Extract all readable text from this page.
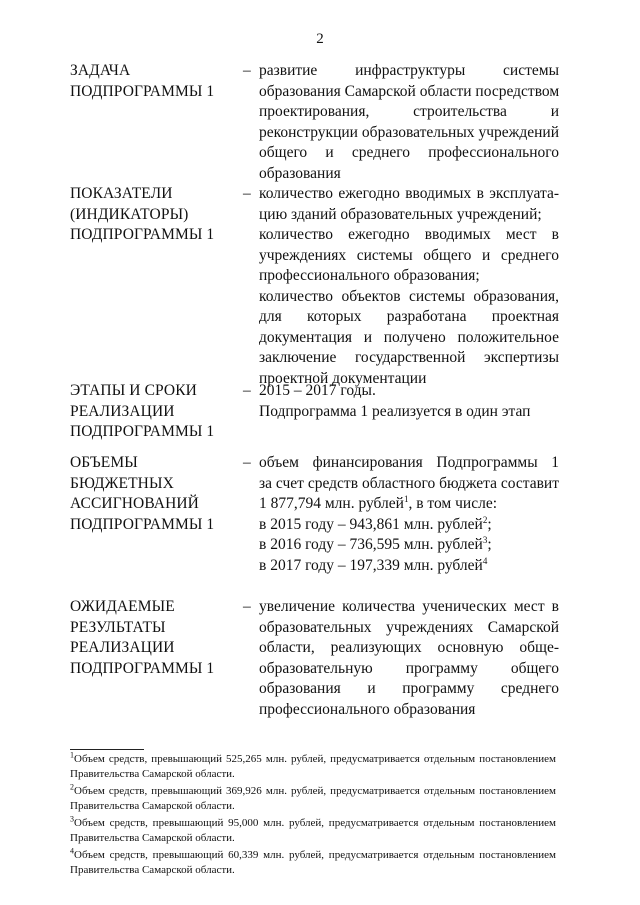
2
ЗАДАЧА
ПОДПРОГРАММЫ 1
– развитие инфраструктуры системы
образования Самарской области посредством
проектирования, строительства и
реконструкции образовательных учреждений
общего и среднего профессионального
образования
ПОКАЗАТЕЛИ
(ИНДИКАТОРЫ)
ПОДПРОГРАММЫ 1
– количество ежегодно вводимых в эксплуата-
цию зданий образовательных учреждений;
количество ежегодно вводимых мест в
учреждениях системы общего и среднего
профессионального образования;
количество объектов системы образования,
для которых разработана проектная
документация и получено положительное
заключение государственной экспертизы
проектной документации
ЭТАПЫ И СРОКИ
РЕАЛИЗАЦИИ
ПОДПРОГРАММЫ 1
– 2015 – 2017 годы.
Подпрограмма 1 реализуется в один этап
ОБЪЕМЫ
БЮДЖЕТНЫХ
АССИГНОВАНИЙ
ПОДПРОГРАММЫ 1
– объем финансирования Подпрограммы 1
за счет средств областного бюджета составит
1 877,794 млн. рублей$^1$, в том числе:
в 2015 году – 943,861 млн. рублей$^2$;
в 2016 году – 736,595 млн. рублей$^3$;
в 2017 году – 197,339 млн. рублей$^4$
ОЖИДАЕМЫЕ
РЕЗУЛЬТАТЫ
РЕАЛИЗАЦИИ
ПОДПРОГРАММЫ 1
– увеличение количества ученических мест в
образовательных учреждениях Самарской
области, реализующих основную обще-
образовательную программу общего
образования и программу среднего
профессионального образования
$^1$Объем средств, превышающий 525,265 млн. рублей, предусматривается отдельным постановлением
Правительства Самарской области.
$^2$Объем средств, превышающий 369,926 млн. рублей, предусматривается отдельным постановлением
Правительства Самарской области.
$^3$Объем средств, превышающий 95,000 млн. рублей, предусматривается отдельным постановлением
Правительства Самарской области.
$^4$Объем средств, превышающий 60,339 млн. рублей, предусматривается отдельным постановлением
Правительства Самарской области.
